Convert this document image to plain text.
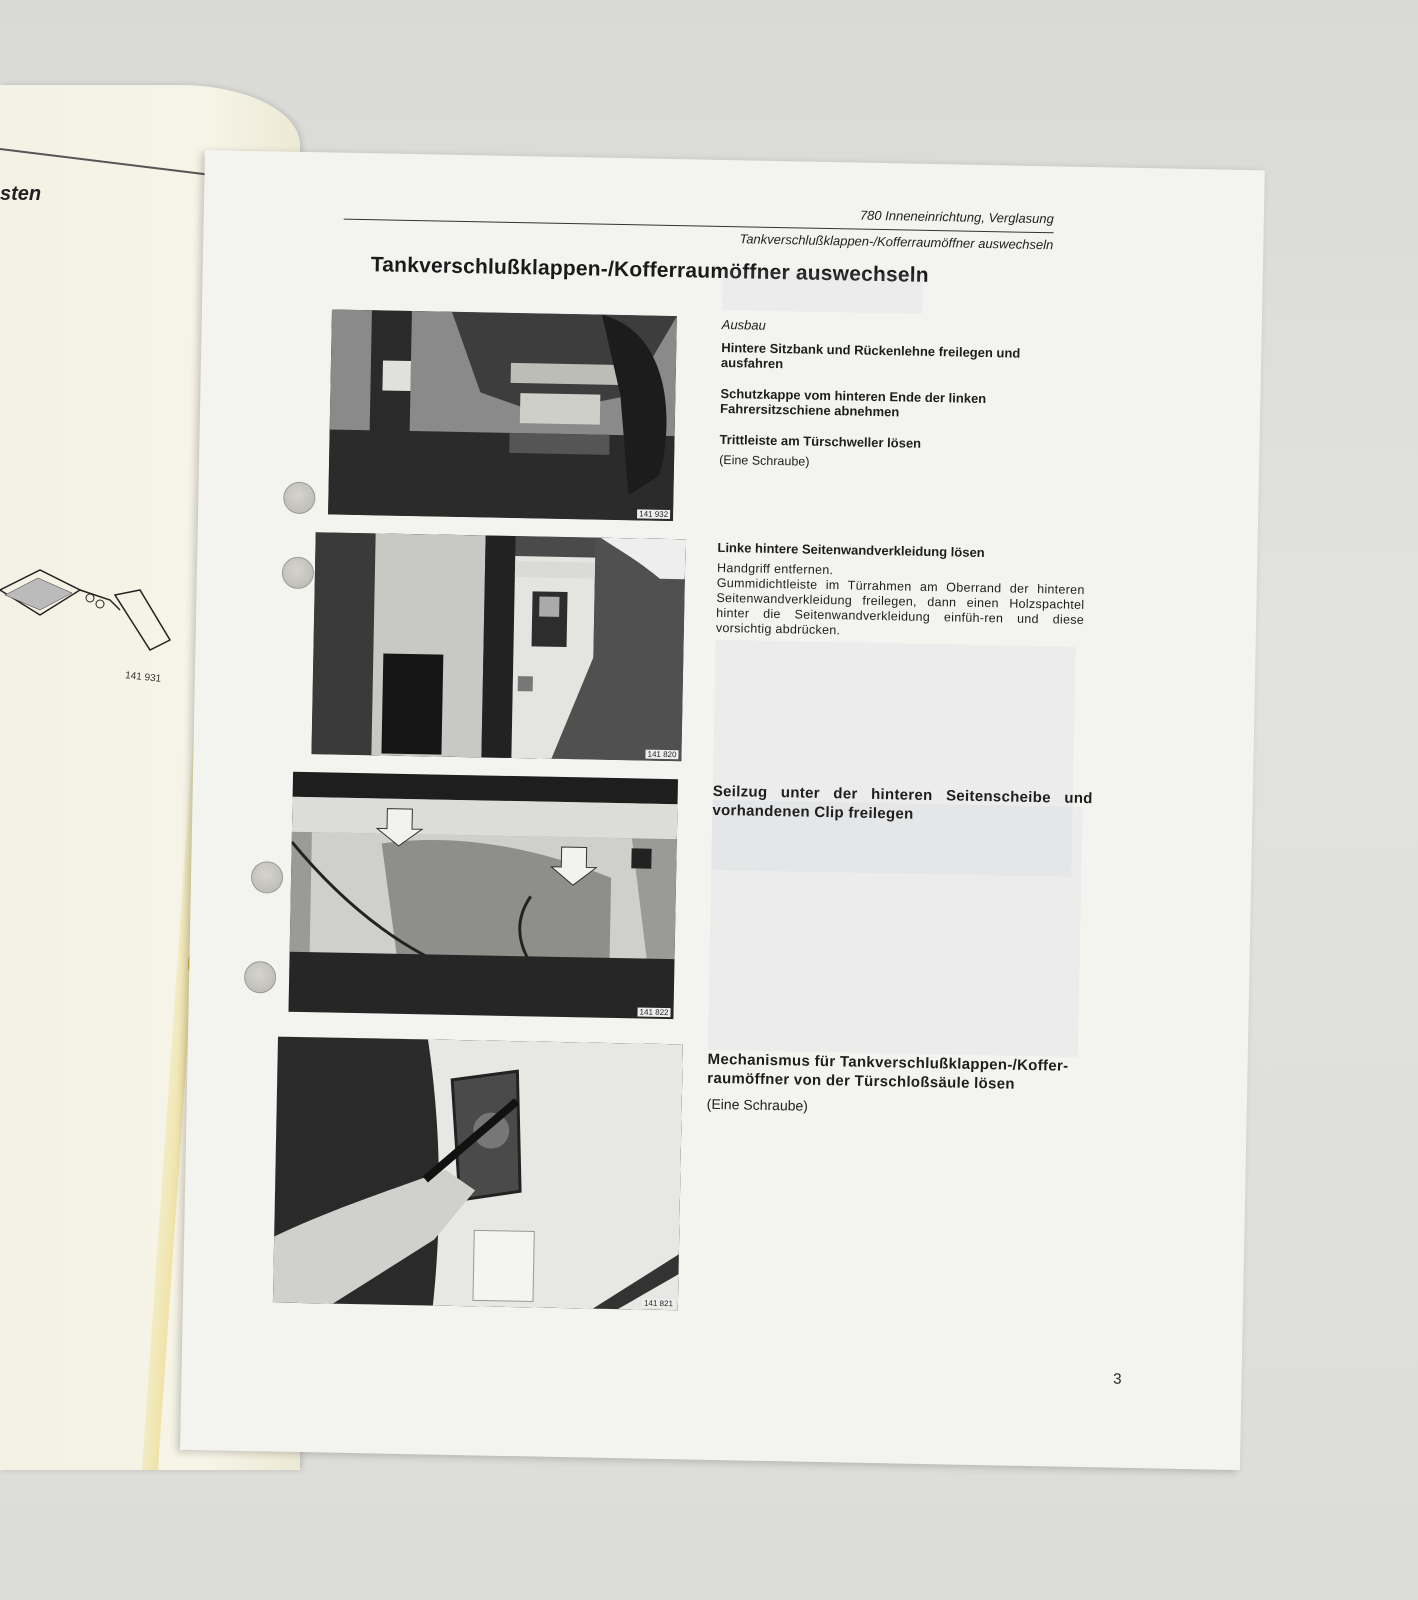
sten
141 931
780 Inneneinrichtung, Verglasung
Tankverschlußklappen-/Kofferraumöffner auswechseln
Tankverschlußklappen-/Kofferraumöffner auswechseln
141 932

Ausbau

Hintere Sitzbank und Rückenlehne freilegen und ausfahren

Schutzkappe vom hinteren Ende der linken Fahrersitzschiene abnehmen

Trittleiste am Türschweller lösen

(Eine Schraube)

141 820

Linke hintere Seitenwandverkleidung lösen

Handgriff entfernen.

Gummidichtleiste im Türrahmen am Oberrand der hinteren Seitenwandverkleidung freilegen, dann einen Holzspachtel hinter die Seitenwandverkleidung einfüh-ren und diese vorsichtig abdrücken.

141 822

Seilzug unter der hinteren Seitenscheibe und vorhandenen Clip freilegen

141 821

Mechanismus für Tankverschlußklappen-/Koffer-raumöffner von der Türschloßsäule lösen

(Eine Schraube)

3
